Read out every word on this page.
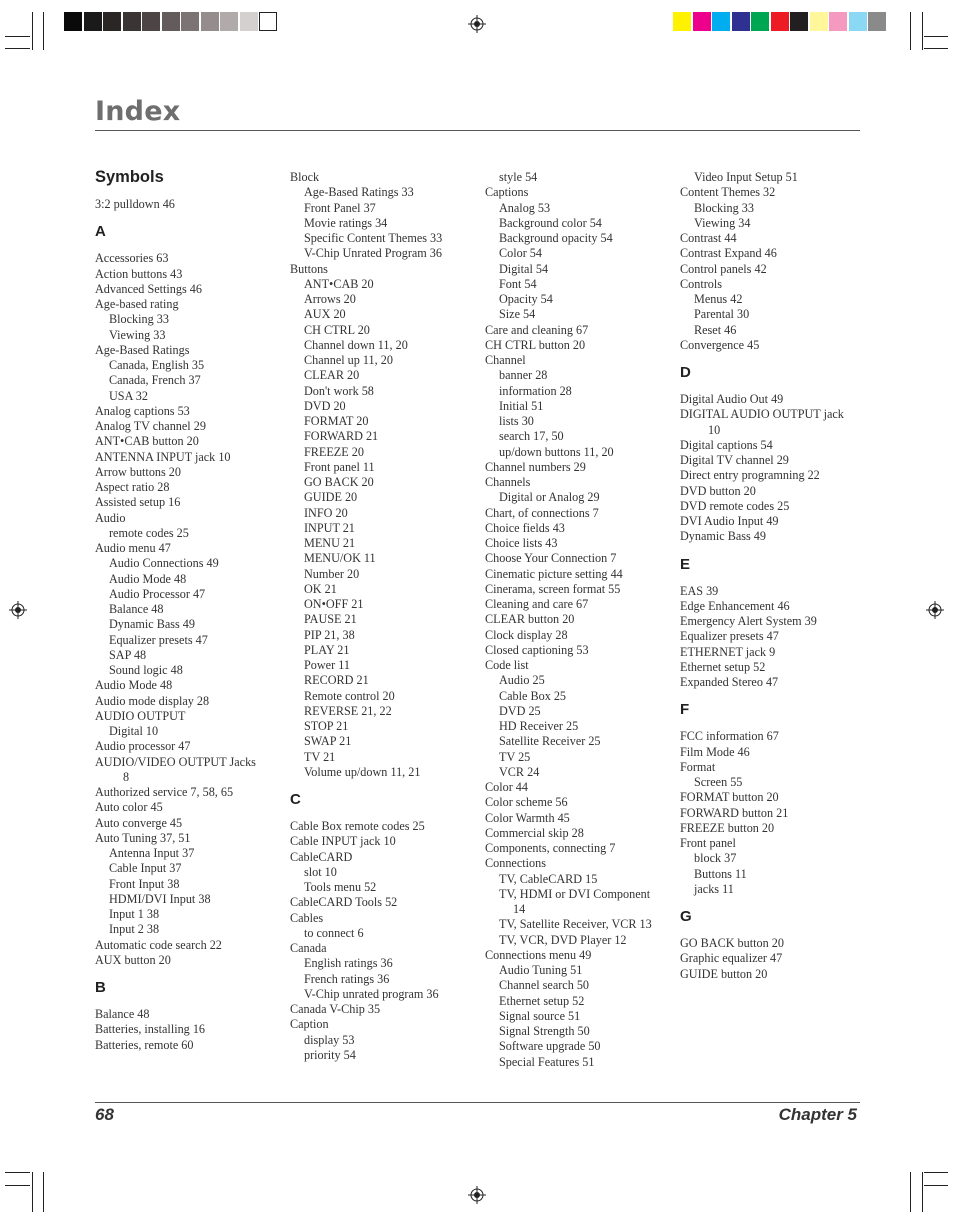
Index
Symbols
3:2 pulldown 46
A
Accessories 63
Action buttons 43
Advanced Settings 46
Age-based rating
Blocking 33
Viewing 33
Age-Based Ratings
Canada, English 35
Canada, French 37
USA 32
Analog captions 53
Analog TV channel 29
ANT•CAB button 20
ANTENNA INPUT jack 10
Arrow buttons 20
Aspect ratio 28
Assisted setup 16
Audio
remote codes 25
Audio menu 47
Audio Connections 49
Audio Mode 48
Audio Processor 47
Balance 48
Dynamic Bass 49
Equalizer presets 47
SAP 48
Sound logic 48
Audio Mode 48
Audio mode display 28
AUDIO OUTPUT
Digital 10
Audio processor 47
AUDIO/VIDEO OUTPUT Jacks
8
Authorized service 7, 58, 65
Auto color 45
Auto converge 45
Auto Tuning 37, 51
Antenna Input 37
Cable Input 37
Front Input 38
HDMI/DVI Input 38
Input 1 38
Input 2 38
Automatic code search 22
AUX button 20
B
Balance 48
Batteries, installing 16
Batteries, remote 60
Block
Age-Based Ratings 33
Front Panel 37
Movie ratings 34
Specific Content Themes 33
V-Chip Unrated Program 36
Buttons
ANT•CAB 20
Arrows 20
AUX 20
CH CTRL 20
Channel down 11, 20
Channel up 11, 20
CLEAR 20
Don't work 58
DVD 20
FORMAT 20
FORWARD 21
FREEZE 20
Front panel 11
GO BACK 20
GUIDE 20
INFO 20
INPUT 21
MENU 21
MENU/OK 11
Number 20
OK 21
ON•OFF 21
PAUSE 21
PIP 21, 38
PLAY 21
Power 11
RECORD 21
Remote control 20
REVERSE 21, 22
STOP 21
SWAP 21
TV 21
Volume up/down 11, 21
C
Cable Box remote codes 25
Cable INPUT jack 10
CableCARD
slot 10
Tools menu 52
CableCARD Tools 52
Cables
to connect 6
Canada
English ratings 36
French ratings 36
V-Chip unrated program 36
Canada V-Chip 35
Caption
display 53
priority 54
style 54
Captions
Analog 53
Background color 54
Background opacity 54
Color 54
Digital 54
Font 54
Opacity 54
Size 54
Care and cleaning 67
CH CTRL button 20
Channel
banner 28
information 28
Initial 51
lists 30
search 17, 50
up/down buttons 11, 20
Channel numbers 29
Channels
Digital or Analog 29
Chart, of connections 7
Choice fields 43
Choice lists 43
Choose Your Connection 7
Cinematic picture setting 44
Cinerama, screen format 55
Cleaning and care 67
CLEAR button 20
Clock display 28
Closed captioning 53
Code list
Audio 25
Cable Box 25
DVD 25
HD Receiver 25
Satellite Receiver 25
TV 25
VCR 24
Color 44
Color scheme 56
Color Warmth 45
Commercial skip 28
Components, connecting 7
Connections
TV, CableCARD 15
TV, HDMI or DVI Component
14
TV, Satellite Receiver, VCR 13
TV, VCR, DVD Player 12
Connections menu 49
Audio Tuning 51
Channel search 50
Ethernet setup 52
Signal source 51
Signal Strength 50
Software upgrade 50
Special Features 51
Video Input Setup 51
Content Themes 32
Blocking 33
Viewing 34
Contrast 44
Contrast Expand 46
Control panels 42
Controls
Menus 42
Parental 30
Reset 46
Convergence 45
D
Digital Audio Out 49
DIGITAL AUDIO OUTPUT jack
10
Digital captions 54
Digital TV channel 29
Direct entry programning 22
DVD button 20
DVD remote codes 25
DVI Audio Input 49
Dynamic Bass 49
E
EAS 39
Edge Enhancement 46
Emergency Alert System 39
Equalizer presets 47
ETHERNET jack 9
Ethernet setup 52
Expanded Stereo 47
F
FCC information 67
Film Mode 46
Format
Screen 55
FORMAT button 20
FORWARD button 21
FREEZE button 20
Front panel
block 37
Buttons 11
jacks 11
G
GO BACK button 20
Graphic equalizer 47
GUIDE button 20
68	Chapter 5
